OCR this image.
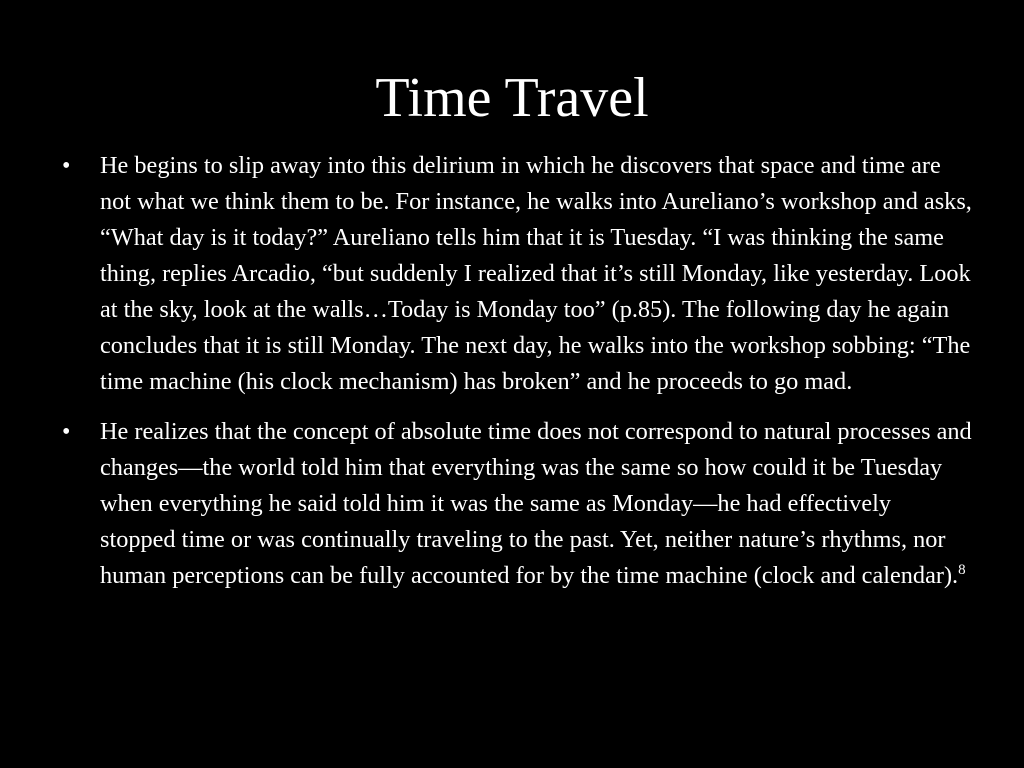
Time Travel
•	He begins to slip away into this delirium in which he discovers that space and time are not what we think them to be. For instance, he walks into Aureliano’s workshop and asks, “What day is it today?” Aureliano tells him that it is Tuesday. “I was thinking the same thing, replies Arcadio, “but suddenly I realized that it’s still Monday, like yesterday. Look at the sky, look at the walls…Today is Monday too” (p.85). The following day he again concludes that it is still Monday. The next day, he walks into the workshop sobbing: “The time machine (his clock mechanism) has broken” and he proceeds to go mad.
•	He realizes that the concept of absolute time does not correspond to natural processes and changes—the world told him that everything was the same so how could it be Tuesday when everything he said told him it was the same as Monday—he had effectively stopped time or was continually traveling to the past. Yet, neither nature’s rhythms, nor human perceptions can be fully accounted for by the time machine (clock and calendar).$^8$
